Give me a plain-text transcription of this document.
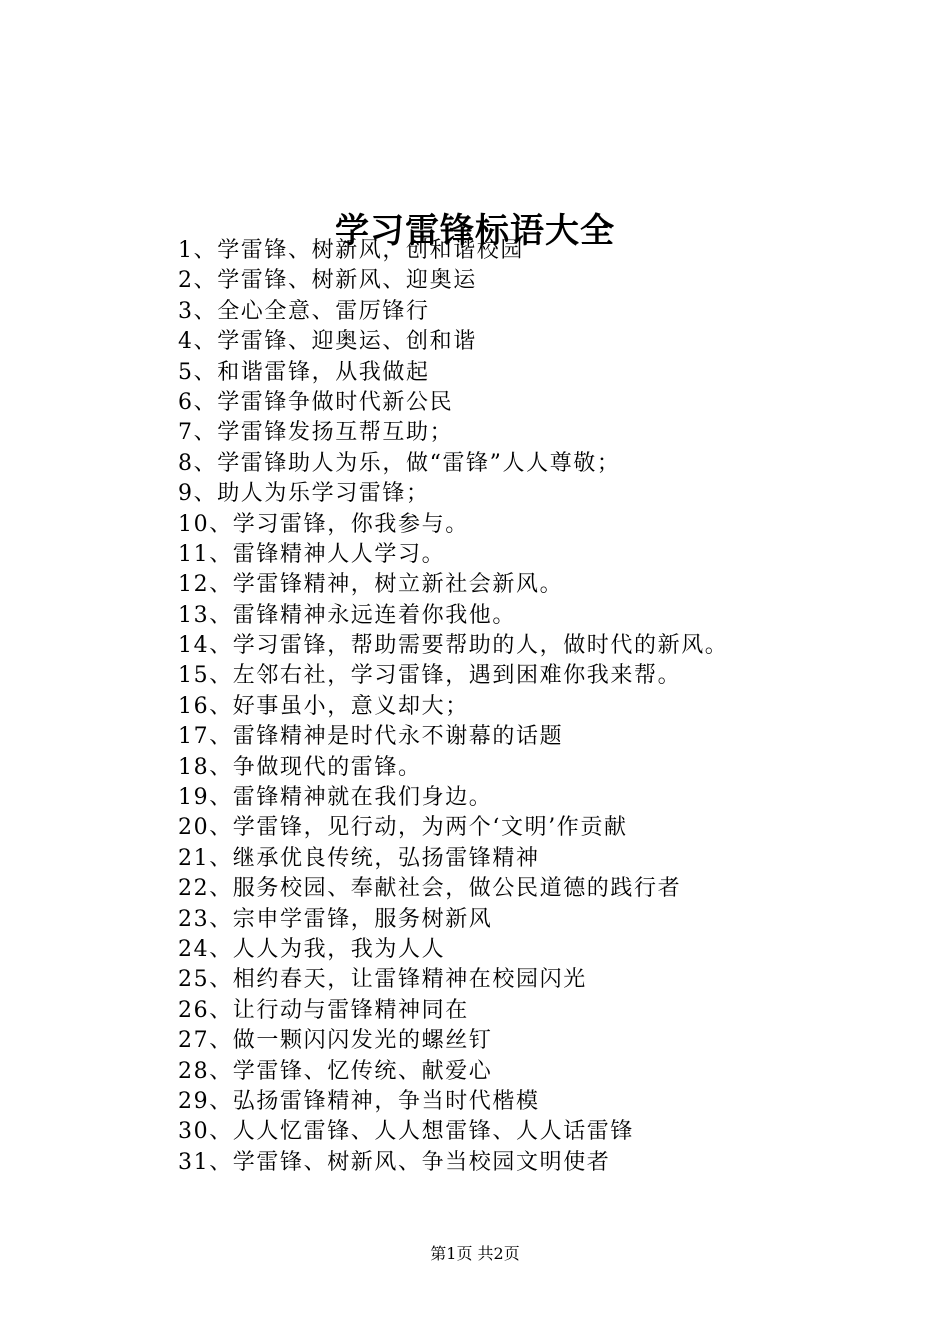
学习雷锋标语大全
1、学雷锋、树新风，创和谐校园
2、学雷锋、树新风、迎奥运
3、全心全意、雷厉锋行
4、学雷锋、迎奥运、创和谐
5、和谐雷锋，从我做起
6、学雷锋争做时代新公民
7、学雷锋发扬互帮互助；
8、学雷锋助人为乐，做“雷锋”人人尊敬；
9、助人为乐学习雷锋；
10、学习雷锋，你我参与。
11、雷锋精神人人学习。
12、学雷锋精神，树立新社会新风。
13、雷锋精神永远连着你我他。
14、学习雷锋，帮助需要帮助的人，做时代的新风。
15、左邻右社，学习雷锋，遇到困难你我来帮。
16、好事虽小，意义却大；
17、雷锋精神是时代永不谢幕的话题
18、争做现代的雷锋。
19、雷锋精神就在我们身边。
20、学雷锋，见行动，为两个‘文明’作贡献
21、继承优良传统，弘扬雷锋精神
22、服务校园、奉献社会，做公民道德的践行者
23、宗申学雷锋，服务树新风
24、人人为我，我为人人
25、相约春天，让雷锋精神在校园闪光
26、让行动与雷锋精神同在
27、做一颗闪闪发光的螺丝钉
28、学雷锋、忆传统、献爱心
29、弘扬雷锋精神，争当时代楷模
30、人人忆雷锋、人人想雷锋、人人话雷锋
31、学雷锋、树新风、争当校园文明使者
第1页 共2页
